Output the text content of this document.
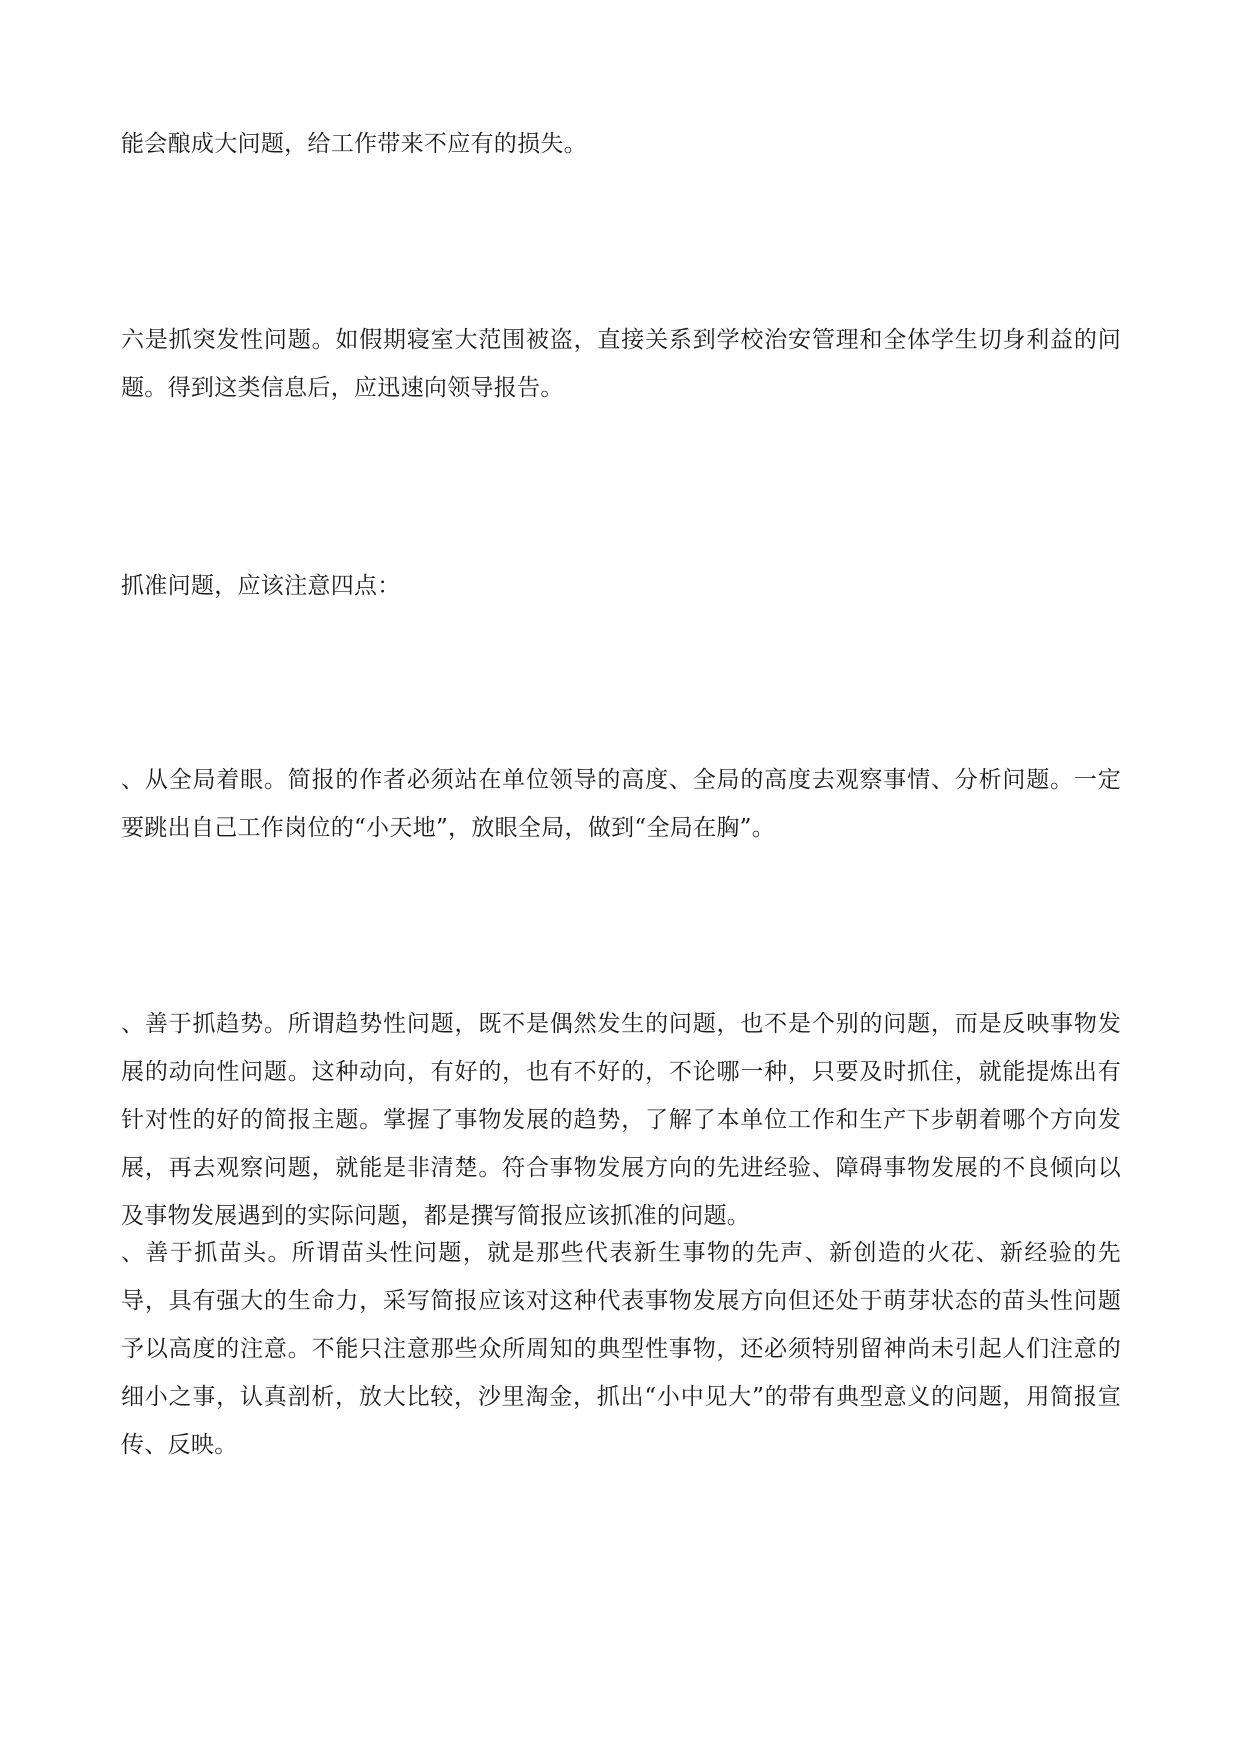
能会酿成大问题，给工作带来不应有的损失。

六是抓突发性问题。如假期寝室大范围被盗，直接关系到学校治安管理和全体学生切身利益的问题。得到这类信息后，应迅速向领导报告。

抓准问题，应该注意四点：

、从全局着眼。简报的作者必须站在单位领导的高度、全局的高度去观察事情、分析问题。一定要跳出自己工作岗位的“小天地”，放眼全局，做到“全局在胸”。

、善于抓趋势。所谓趋势性问题，既不是偶然发生的问题，也不是个别的问题，而是反映事物发展的动向性问题。这种动向，有好的，也有不好的，不论哪一种，只要及时抓住，就能提炼出有针对性的好的简报主题。掌握了事物发展的趋势，了解了本单位工作和生产下步朝着哪个方向发展，再去观察问题，就能是非清楚。符合事物发展方向的先进经验、障碍事物发展的不良倾向以及事物发展遇到的实际问题，都是撰写简报应该抓准的问题。

、善于抓苗头。所谓苗头性问题，就是那些代表新生事物的先声、新创造的火花、新经验的先导，具有强大的生命力，采写简报应该对这种代表事物发展方向但还处于萌芽状态的苗头性问题予以高度的注意。不能只注意那些众所周知的典型性事物，还必须特别留神尚未引起人们注意的细小之事，认真剖析，放大比较，沙里淘金，抓出“小中见大”的带有典型意义的问题，用简报宣传、反映。
